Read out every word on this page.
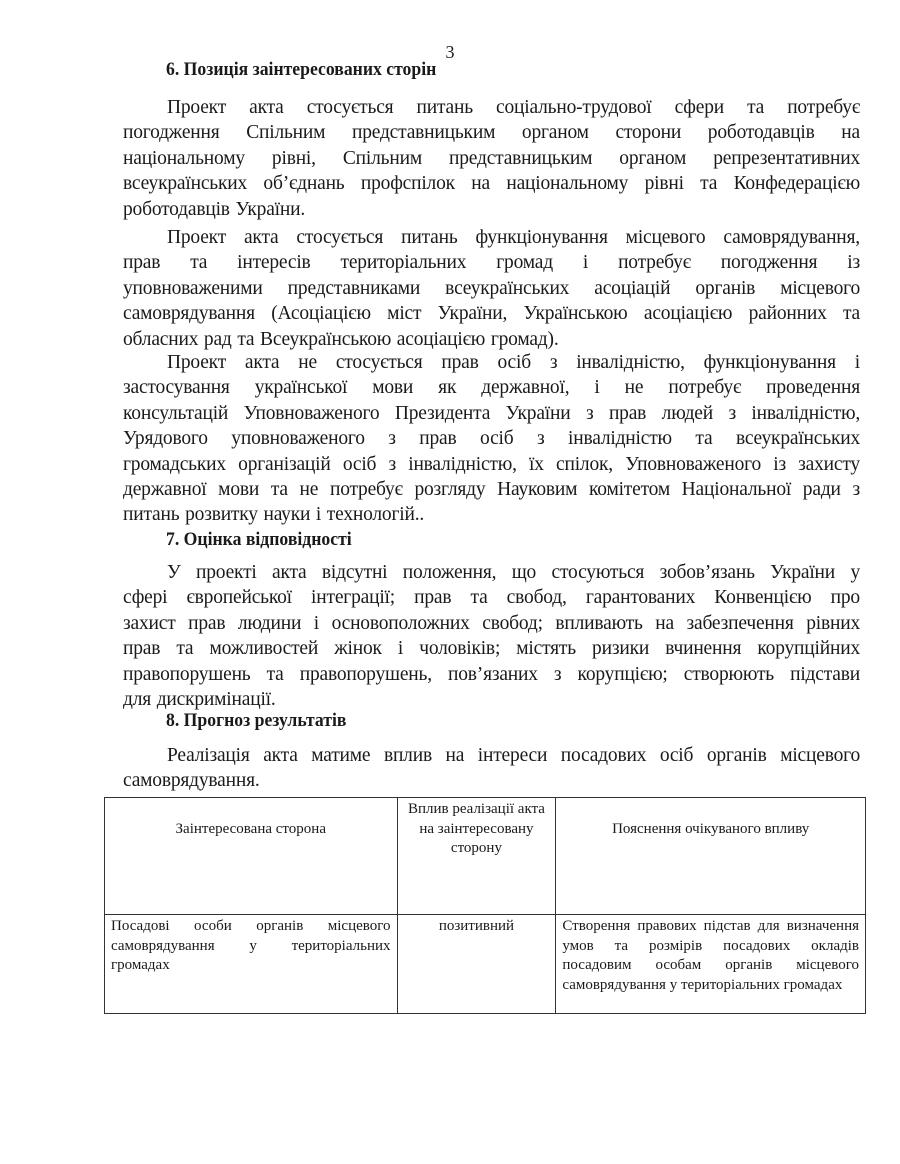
3
6. Позиція заінтересованих сторін
Проект акта стосується питань соціально-трудової сфери та потребує
погодження Спільним представницьким органом сторони роботодавців на
національному рівні, Спільним представницьким органом репрезентативних
всеукраїнських об’єднань профспілок на національному рівні та Конфедерацією
роботодавців України.
Проект акта стосується питань функціонування місцевого самоврядування,
прав та інтересів територіальних громад і потребує погодження із
уповноваженими представниками всеукраїнських асоціацій органів місцевого
самоврядування (Асоціацією міст України, Українською асоціацією районних та
обласних рад та Всеукраїнською асоціацією громад).
Проект акта не стосується прав осіб з інвалідністю, функціонування і
застосування української мови як державної, і не потребує проведення
консультацій Уповноваженого Президента України з прав людей з інвалідністю,
Урядового уповноваженого з прав осіб з інвалідністю та всеукраїнських
громадських організацій осіб з інвалідністю, їх спілок, Уповноваженого із захисту
державної мови та не потребує розгляду Науковим комітетом Національної ради з
питань розвитку науки і технологій..
7. Оцінка відповідності
У проекті акта відсутні положення, що стосуються зобов’язань України у
сфері європейської інтеграції; прав та свобод, гарантованих Конвенцією про
захист прав людини і основоположних свобод; впливають на забезпечення рівних
прав та можливостей жінок і чоловіків; містять ризики вчинення корупційних
правопорушень та правопорушень, пов’язаних з корупцією; створюють підстави
для дискримінації.
8. Прогноз результатів
Реалізація акта матиме вплив на інтереси посадових осіб органів місцевого
самоврядування.
Заінтересована сторона	Вплив реалізації акта на заінтересовану сторону	Пояснення очікуваного впливу
Посадові особи органів місцевого самоврядування у територіальних громадах	позитивний	Створення правових підстав для визначення умов та розмірів посадових окладів посадовим особам органів місцевого самоврядування у територіальних громадах
